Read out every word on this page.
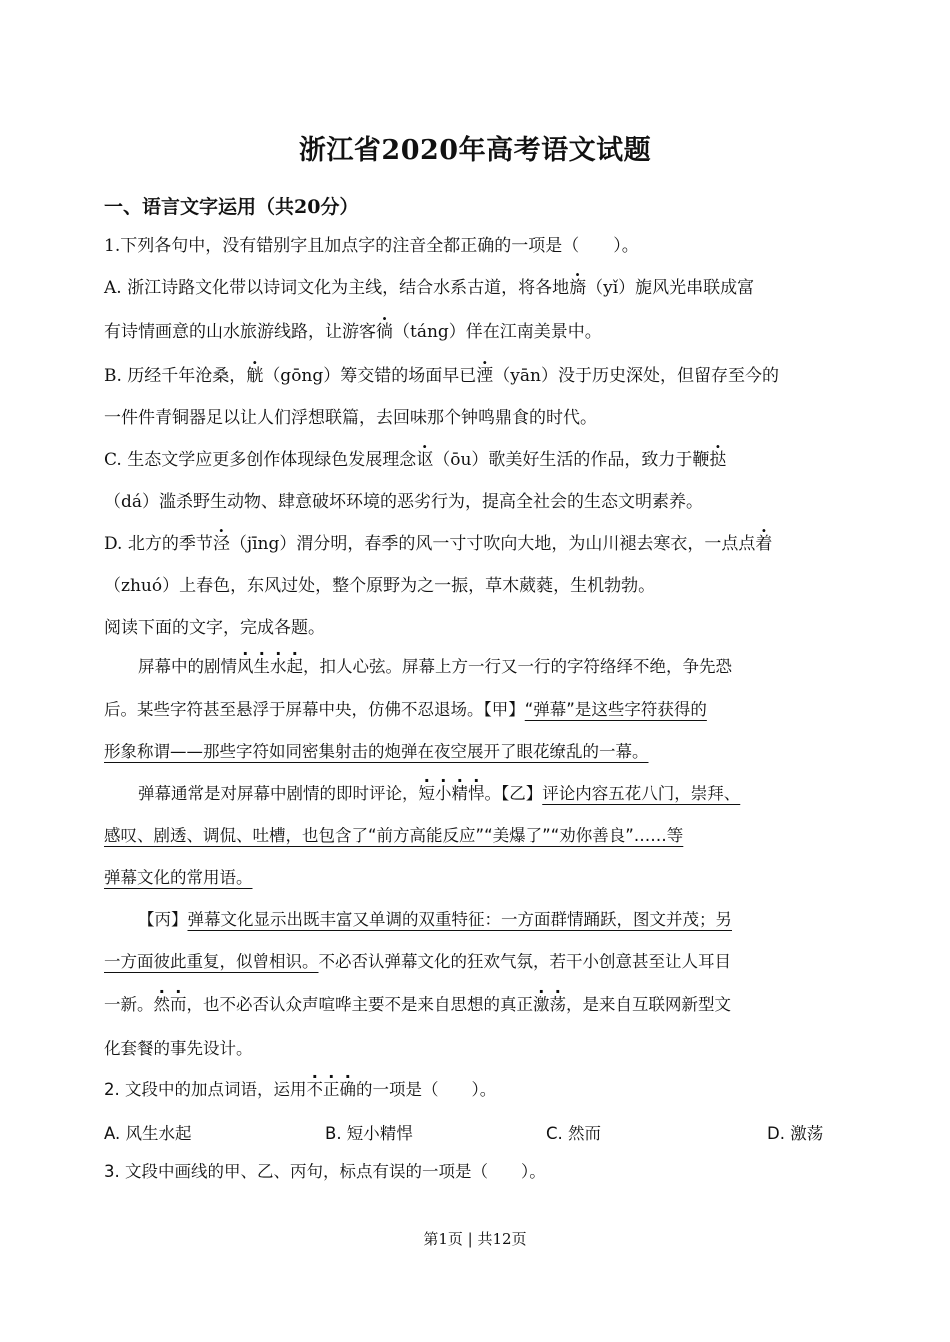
浙江省2020年高考语文试题
一、语言文字运用（共20分）
1.下列各句中，没有错别字且加点字的注音全都正确的一项是（　　）。
A. 浙江诗路文化带以诗词文化为主线，结合水系古道，将各地旖（yǐ）旎风光串联成富
有诗情画意的山水旅游线路，让游客徜（táng）佯在江南美景中。
B. 历经千年沧桑，觥（gōng）筹交错的场面早已湮（yān）没于历史深处，但留存至今的
一件件青铜器足以让人们浮想联篇，去回味那个钟鸣鼎食的时代。
C. 生态文学应更多创作体现绿色发展理念讴（ōu）歌美好生活的作品，致力于鞭挞
（dá）滥杀野生动物、肆意破坏环境的恶劣行为，提高全社会的生态文明素养。
D. 北方的季节泾（jīng）渭分明，春季的风一寸寸吹向大地，为山川褪去寒衣，一点点着
（zhuó）上春色，东风过处，整个原野为之一振，草木葳蕤，生机勃勃。
阅读下面的文字，完成各题。
屏幕中的剧情风生水起，扣人心弦。屏幕上方一行又一行的字符络绎不绝，争先恐
后。某些字符甚至悬浮于屏幕中央，仿佛不忍退场。【甲】“弹幕”是这些字符获得的
形象称谓——那些字符如同密集射击的炮弹在夜空展开了眼花缭乱的一幕。
弹幕通常是对屏幕中剧情的即时评论，短小精悍。【乙】评论内容五花八门，崇拜、
感叹、剧透、调侃、吐槽，也包含了“前方高能反应”“美爆了”“劝你善良”……等
弹幕文化的常用语。
【丙】弹幕文化显示出既丰富又单调的双重特征：一方面群情踊跃，图文并茂；另
一方面彼此重复，似曾相识。不必否认弹幕文化的狂欢气氛，若干小创意甚至让人耳目
一新。然而，也不必否认众声喧哗主要不是来自思想的真正激荡，是来自互联网新型文
化套餐的事先设计。
2. 文段中的加点词语，运用不正确的一项是（　　）。
A. 风生水起	B. 短小精悍	C. 然而	D. 激荡
3. 文段中画线的甲、乙、丙句，标点有误的一项是（　　）。
第1页 | 共12页
